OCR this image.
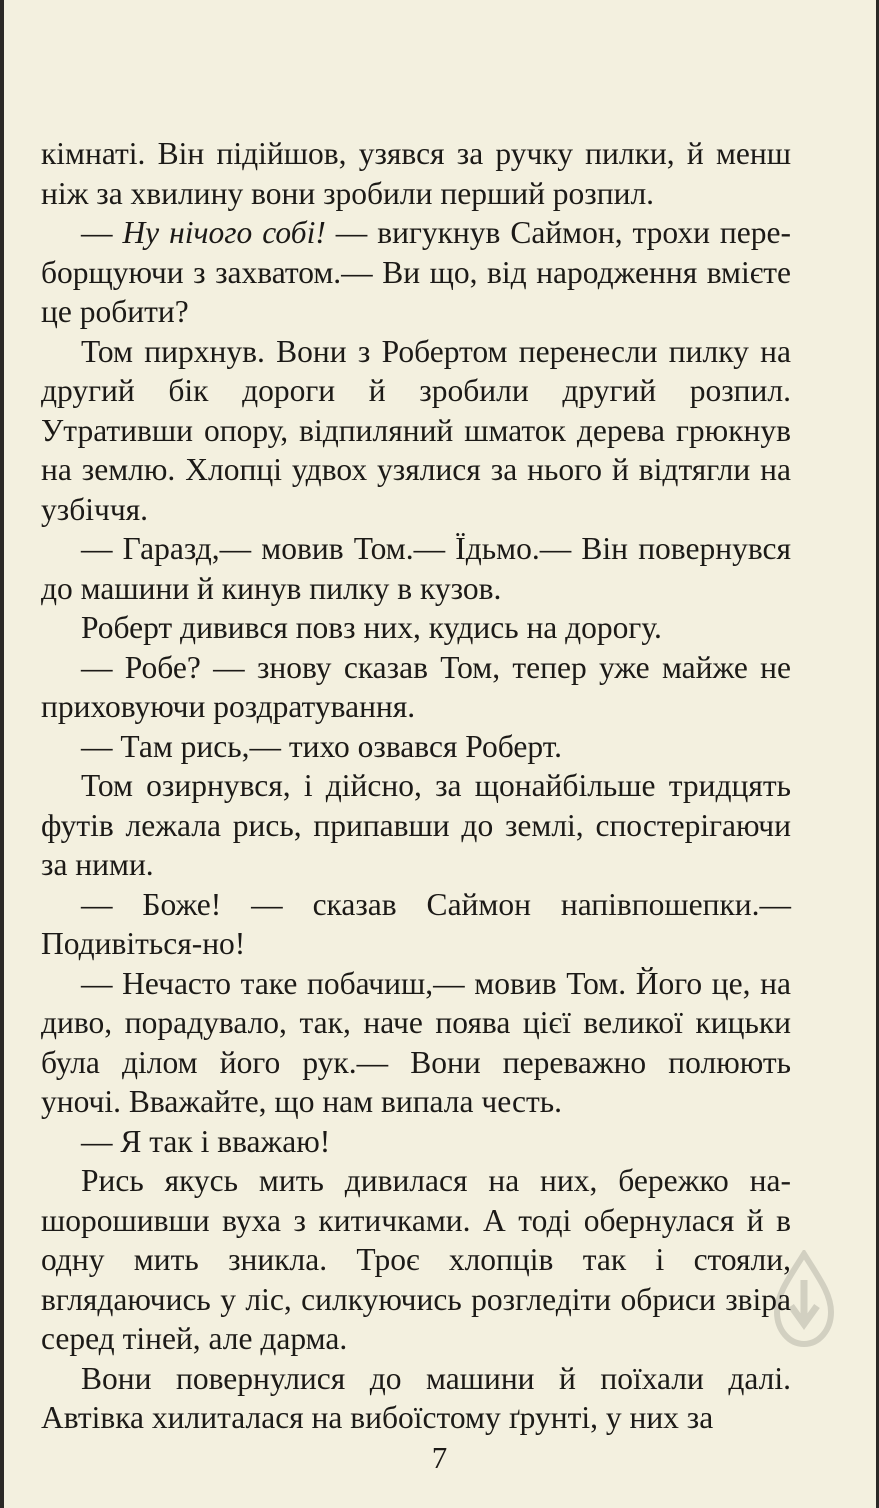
кімнаті. Він підійшов, узявся за ручку пилки, й менш ніж за хвилину вони зробили перший розпил.

— Ну нічого собі! — вигукнув Саймон, трохи переборщуючи з захватом.— Ви що, від народження вмієте це робити?

Том пирхнув. Вони з Робертом перенесли пилку на другий бік дороги й зробили другий розпил. Утративши опору, відпиляний шматок дерева грюкнув на землю. Хлопці удвох узялися за нього й відтягли на узбіччя.

— Гаразд,— мовив Том.— Їдьмо.— Він повернувся до машини й кинув пилку в кузов.

Роберт дивився повз них, кудись на дорогу.

— Робе? — знову сказав Том, тепер уже майже не приховуючи роздратування.

— Там рись,— тихо озвався Роберт.

Том озирнувся, і дійсно, за щонайбільше тридцять футів лежала рись, припавши до землі, спостерігаючи за ними.

— Боже! — сказав Саймон напівпошепки.— Подивіться-но!

— Нечасто таке побачиш,— мовив Том. Його це, на диво, порадувало, так, наче поява цієї великої кицьки була ділом його рук.— Вони переважно полюють уночі. Вважайте, що нам випала честь.

— Я так і вважаю!

Рись якусь мить дивилася на них, бережко нашорошивши вуха з китичками. А тоді обернулася й в одну мить зникла. Троє хлопців так і стояли, вглядаючись у ліс, силкуючись розгледіти обриси звіра серед тіней, але дарма.

Вони повернулися до машини й поїхали далі. Автівка хилиталася на вибоїстому ґрунті, у них за

7
